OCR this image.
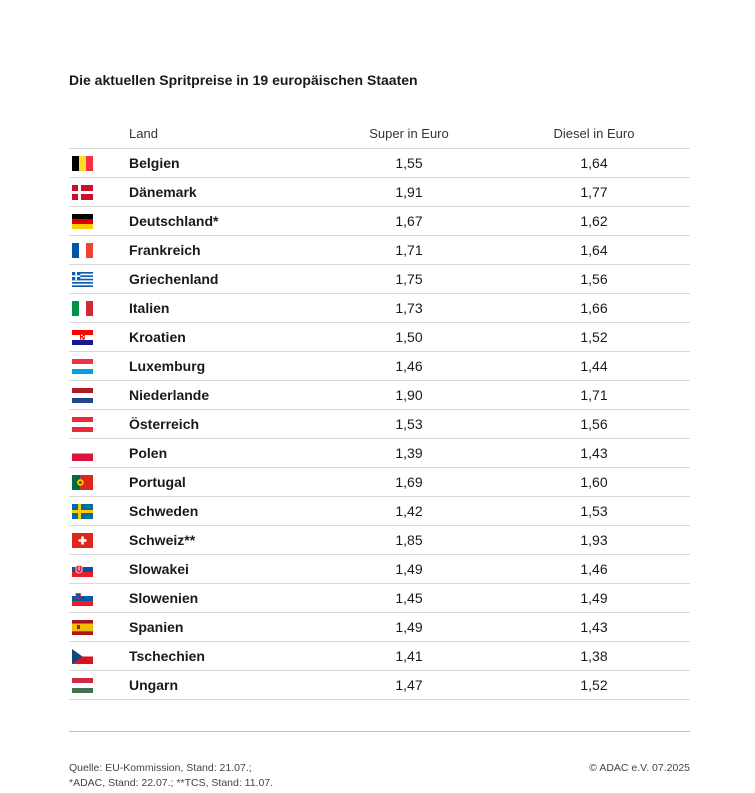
Die aktuellen Spritpreise in 19 europäischen Staaten
Land	Super in Euro	Diesel in Euro
Belgien	1,55	1,64
Dänemark	1,91	1,77
Deutschland*	1,67	1,62
Frankreich	1,71	1,64
Griechenland	1,75	1,56
Italien	1,73	1,66
Kroatien	1,50	1,52
Luxemburg	1,46	1,44
Niederlande	1,90	1,71
Österreich	1,53	1,56
Polen	1,39	1,43
Portugal	1,69	1,60
Schweden	1,42	1,53
Schweiz**	1,85	1,93
Slowakei	1,49	1,46
Slowenien	1,45	1,49
Spanien	1,49	1,43
Tschechien	1,41	1,38
Ungarn	1,47	1,52
Quelle: EU-Kommission, Stand: 21.07.;
*ADAC, Stand: 22.07.; **TCS, Stand: 11.07.
© ADAC e.V. 07.2025
